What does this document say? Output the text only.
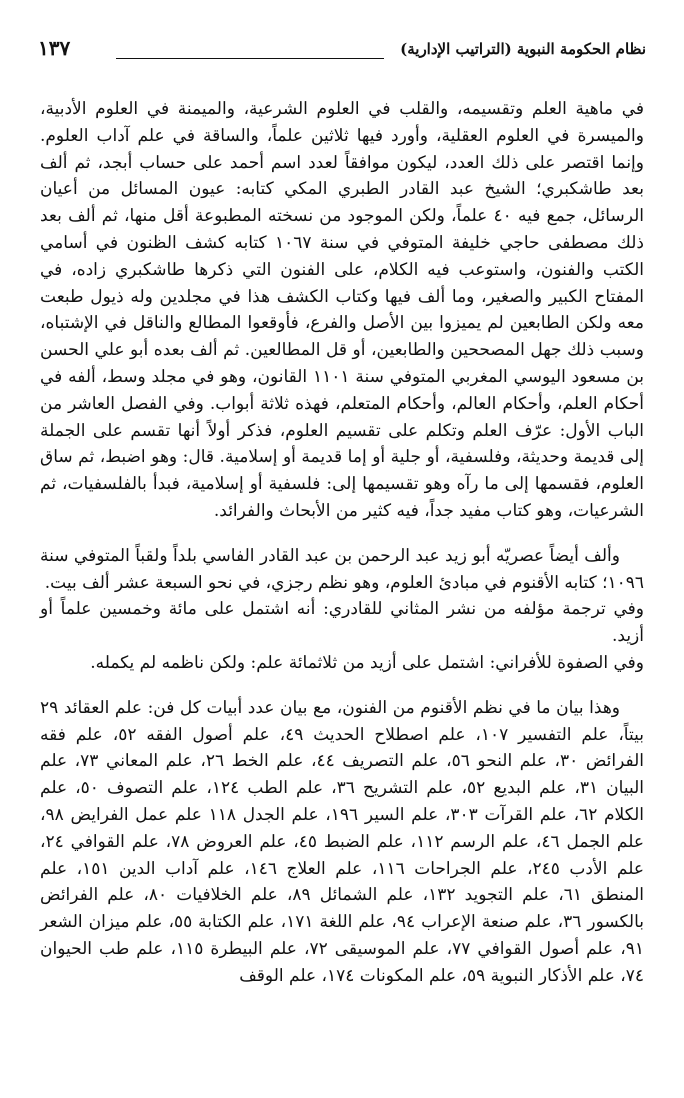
نظام الحكومة النبوية (التراتيب الإدارية)
١٣٧

في ماهية العلم وتقسيمه، والقلب في العلوم الشرعية، والميمنة في العلوم الأدبية، والميسرة في العلوم العقلية، وأورد فيها ثلاثين علماً، والساقة في علم آداب العلوم. وإنما اقتصر على ذلك العدد، ليكون موافقاً لعدد اسم أحمد على حساب أبجد، ثم ألف بعد طاشكبري؛ الشيخ عبد القادر الطبري المكي كتابه: عيون المسائل من أعيان الرسائل، جمع فيه ٤٠ علماً، ولكن الموجود من نسخته المطبوعة أقل منها، ثم ألف بعد ذلك مصطفى حاجي خليفة المتوفي في سنة ١٠٦٧ كتابه كشف الظنون في أسامي الكتب والفنون، واستوعب فيه الكلام، على الفنون التي ذكرها طاشكبري زاده، في المفتاح الكبير والصغير، وما ألف فيها وكتاب الكشف هذا في مجلدين وله ذيول طبعت معه ولكن الطابعين لم يميزوا بين الأصل والفرع، فأوقعوا المطالع والناقل في الإشتباه، وسبب ذلك جهل المصححين والطابعين، أو قل المطالعين. ثم ألف بعده أبو علي الحسن بن مسعود اليوسي المغربي المتوفي سنة ١١٠١ القانون، وهو في مجلد وسط، ألفه في أحكام العلم، وأحكام العالم، وأحكام المتعلم، فهذه ثلاثة أبواب. وفي الفصل العاشر من الباب الأول: عرّف العلم وتكلم على تقسيم العلوم، فذكر أولاً أنها تقسم على الجملة إلى قديمة وحديثة، وفلسفية، أو جلية أو إما قديمة أو إسلامية. قال: وهو اضبط، ثم ساق العلوم، فقسمها إلى ما رآه وهو تقسيمها إلى: فلسفية أو إسلامية، فبدأ بالفلسفيات، ثم الشرعيات، وهو كتاب مفيد جداً، فيه كثير من الأبحاث والفرائد.

وألف أيضاً عصريّه أبو زيد عبد الرحمن بن عبد القادر الفاسي بلداً ولقباً المتوفي سنة ١٠٩٦؛ كتابه الأقنوم في مبادئ العلوم، وهو نظم رجزي، في نحو السبعة عشر ألف بيت.

وفي ترجمة مؤلفه من نشر المثاني للقادري: أنه اشتمل على مائة وخمسين علماً أو أزيد.

وفي الصفوة للأفراني: اشتمل على أزيد من ثلاثمائة علم: ولكن ناظمه لم يكمله.

وهذا بيان ما في نظم الأقنوم من الفنون، مع بيان عدد أبيات كل فن: علم العقائد ٢٩ بيتاً، علم التفسير ١٠٧، علم اصطلاح الحديث ٤٩، علم أصول الفقه ٥٢، علم فقه الفرائض ٣٠، علم النحو ٥٦، علم التصريف ٤٤، علم الخط ٢٦، علم المعاني ٧٣، علم البيان ٣١، علم البديع ٥٢، علم التشريح ٣٦، علم الطب ١٢٤، علم التصوف ٥٠، علم الكلام ٦٢، علم القرآت ٣٠٣، علم السير ١٩٦، علم الجدل ١١٨ علم عمل الفرايض ٩٨، علم الجمل ٤٦، علم الرسم ١١٢، علم الضبط ٤٥، علم العروض ٧٨، علم القوافي ٢٤، علم الأدب ٢٤٥، علم الجراحات ١١٦، علم العلاج ١٤٦، علم آداب الدين ١٥١، علم المنطق ٦١، علم التجويد ١٣٢، علم الشمائل ٨٩، علم الخلافيات ٨٠، علم الفرائض بالكسور ٣٦، علم صنعة الإعراب ٩٤، علم اللغة ١٧١، علم الكتابة ٥٥، علم ميزان الشعر ٩١، علم أصول القوافي ٧٧، علم الموسيقى ٧٢، علم البيطرة ١١٥، علم طب الحيوان ٧٤، علم الأذكار النبوية ٥٩، علم المكونات ١٧٤، علم الوقف
